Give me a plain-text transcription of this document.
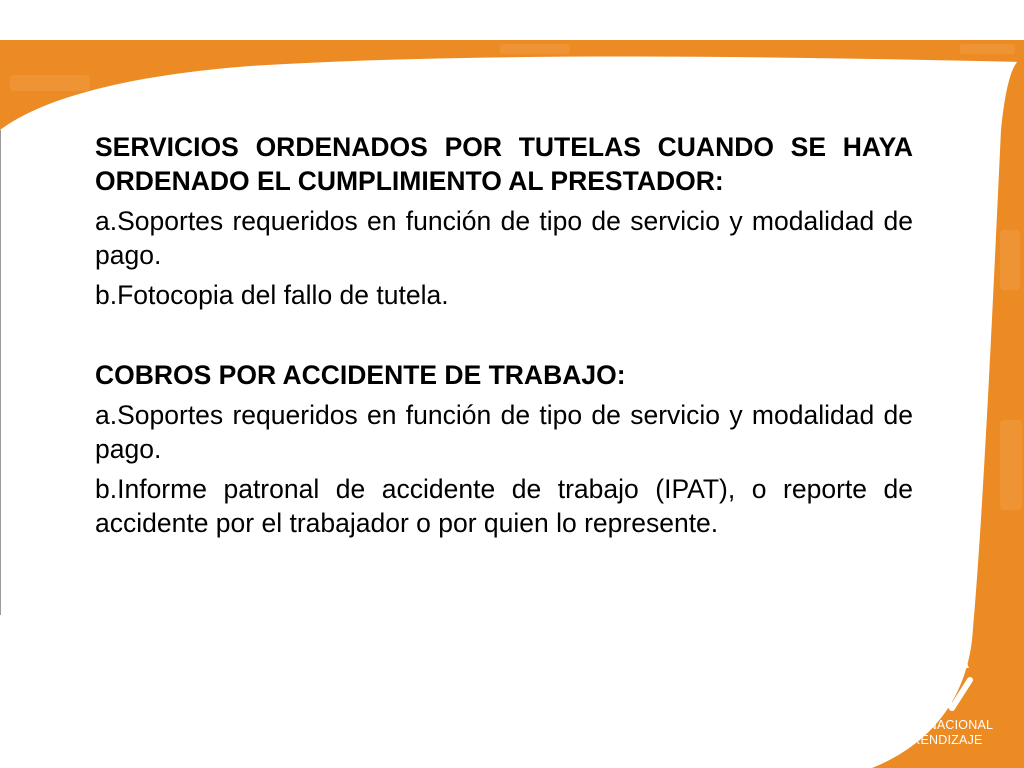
SERVICIOS ORDENADOS POR TUTELAS CUANDO SE HAYA ORDENADO EL CUMPLIMIENTO AL PRESTADOR:

a.Soportes requeridos en función de tipo de servicio y modalidad de pago.

b.Fotocopia del fallo de tutela.

COBROS POR ACCIDENTE DE TRABAJO:

a.Soportes requeridos en función de tipo de servicio y modalidad de pago.

b.Informe patronal de accidente de trabajo (IPAT), o reporte de accidente por el trabajador o por quien lo represente.

SENA
SERVICIO NACIONAL
DE APRENDIZAJE
